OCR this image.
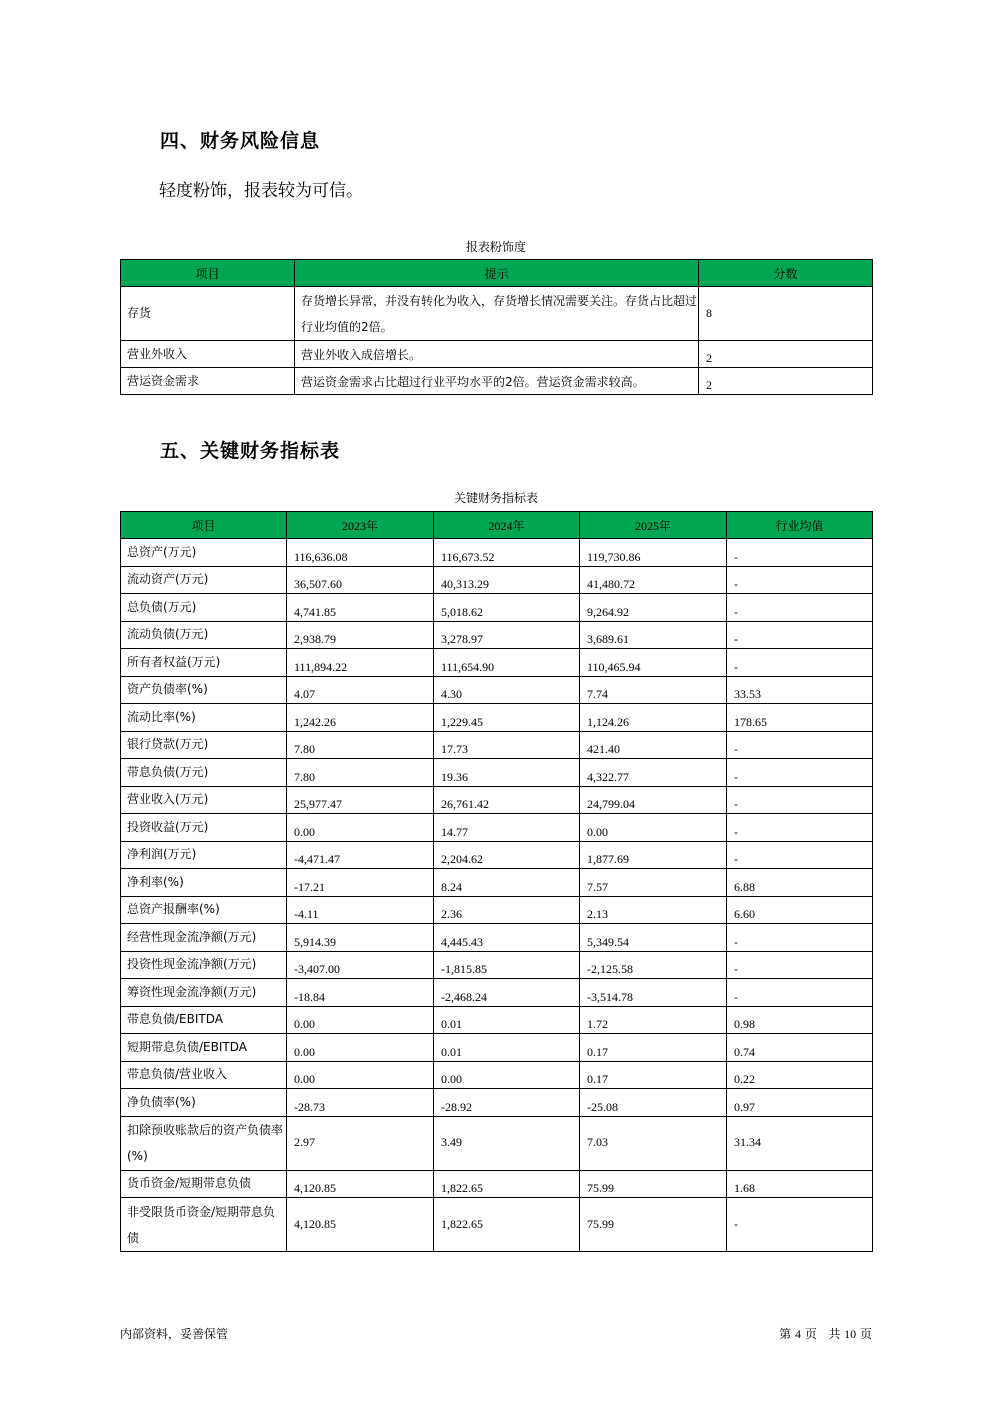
四、财务风险信息
轻度粉饰，报表较为可信。
报表粉饰度
项目	提示	分数
存货	存货增长异常，并没有转化为收入，存货增长情况需要关注。存货占比超过行业均值的2倍。	8
营业外收入	营业外收入成倍增长。	2
营运资金需求	营运资金需求占比超过行业平均水平的2倍。营运资金需求较高。	2
五、关键财务指标表
关键财务指标表
项目	2023年	2024年	2025年	行业均值
总资产(万元)	116,636.08	116,673.52	119,730.86	-
流动资产(万元)	36,507.60	40,313.29	41,480.72	-
总负债(万元)	4,741.85	5,018.62	9,264.92	-
流动负债(万元)	2,938.79	3,278.97	3,689.61	-
所有者权益(万元)	111,894.22	111,654.90	110,465.94	-
资产负债率(%)	4.07	4.30	7.74	33.53
流动比率(%)	1,242.26	1,229.45	1,124.26	178.65
银行贷款(万元)	7.80	17.73	421.40	-
带息负债(万元)	7.80	19.36	4,322.77	-
营业收入(万元)	25,977.47	26,761.42	24,799.04	-
投资收益(万元)	0.00	14.77	0.00	-
净利润(万元)	-4,471.47	2,204.62	1,877.69	-
净利率(%)	-17.21	8.24	7.57	6.88
总资产报酬率(%)	-4.11	2.36	2.13	6.60
经营性现金流净额(万元)	5,914.39	4,445.43	5,349.54	-
投资性现金流净额(万元)	-3,407.00	-1,815.85	-2,125.58	-
筹资性现金流净额(万元)	-18.84	-2,468.24	-3,514.78	-
带息负债/EBITDA	0.00	0.01	1.72	0.98
短期带息负债/EBITDA	0.00	0.01	0.17	0.74
带息负债/营业收入	0.00	0.00	0.17	0.22
净负债率(%)	-28.73	-28.92	-25.08	0.97
扣除预收账款后的资产负债率(%)	2.97	3.49	7.03	31.34
货币资金/短期带息负债	4,120.85	1,822.65	75.99	1.68
非受限货币资金/短期带息负债	4,120.85	1,822.65	75.99	-
内部资料，妥善保管	第 4 页 共 10 页
